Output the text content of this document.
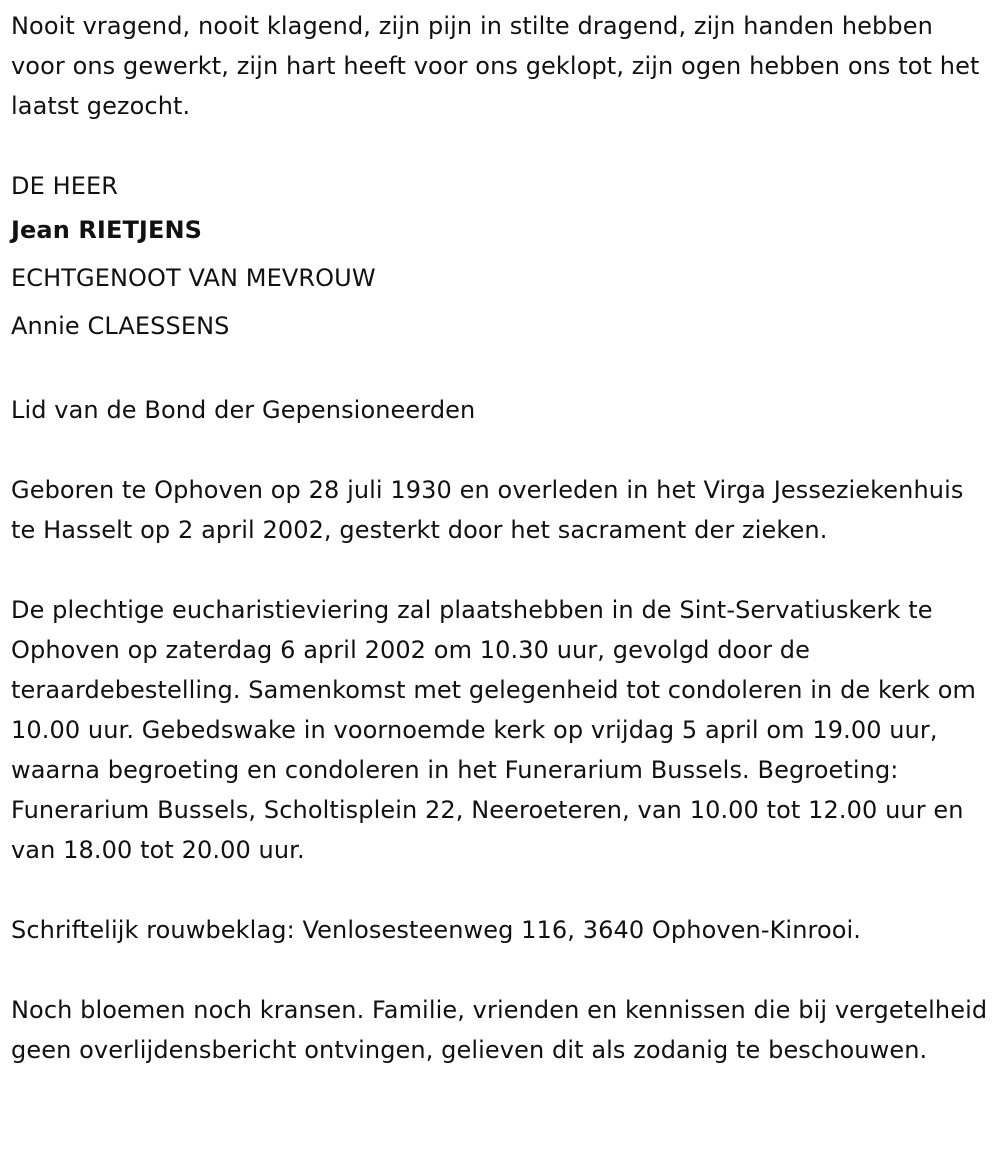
Nooit vragend, nooit klagend, zijn pijn in stilte dragend, zijn handen hebben voor ons gewerkt, zijn hart heeft voor ons geklopt, zijn ogen hebben ons tot het laatst gezocht.

DE HEER

Jean RIETJENS

ECHTGENOOT VAN MEVROUW

Annie CLAESSENS

Lid van de Bond der Gepensioneerden

Geboren te Ophoven op 28 juli 1930 en overleden in het Virga Jesseziekenhuis te Hasselt op 2 april 2002, gesterkt door het sacrament der zieken.

De plechtige eucharistieviering zal plaatshebben in de Sint-Servatiuskerk te Ophoven op zaterdag 6 april 2002 om 10.30 uur, gevolgd door de teraardebestelling. Samenkomst met gelegenheid tot condoleren in de kerk om 10.00 uur. Gebedswake in voornoemde kerk op vrijdag 5 april om 19.00 uur, waarna begroeting en condoleren in het Funerarium Bussels. Begroeting: Funerarium Bussels, Scholtisplein 22, Neeroeteren, van 10.00 tot 12.00 uur en van 18.00 tot 20.00 uur.

Schriftelijk rouwbeklag: Venlosesteenweg 116, 3640 Ophoven-Kinrooi.

Noch bloemen noch kransen. Familie, vrienden en kennissen die bij vergetelheid geen overlijdensbericht ontvingen, gelieven dit als zodanig te beschouwen.
